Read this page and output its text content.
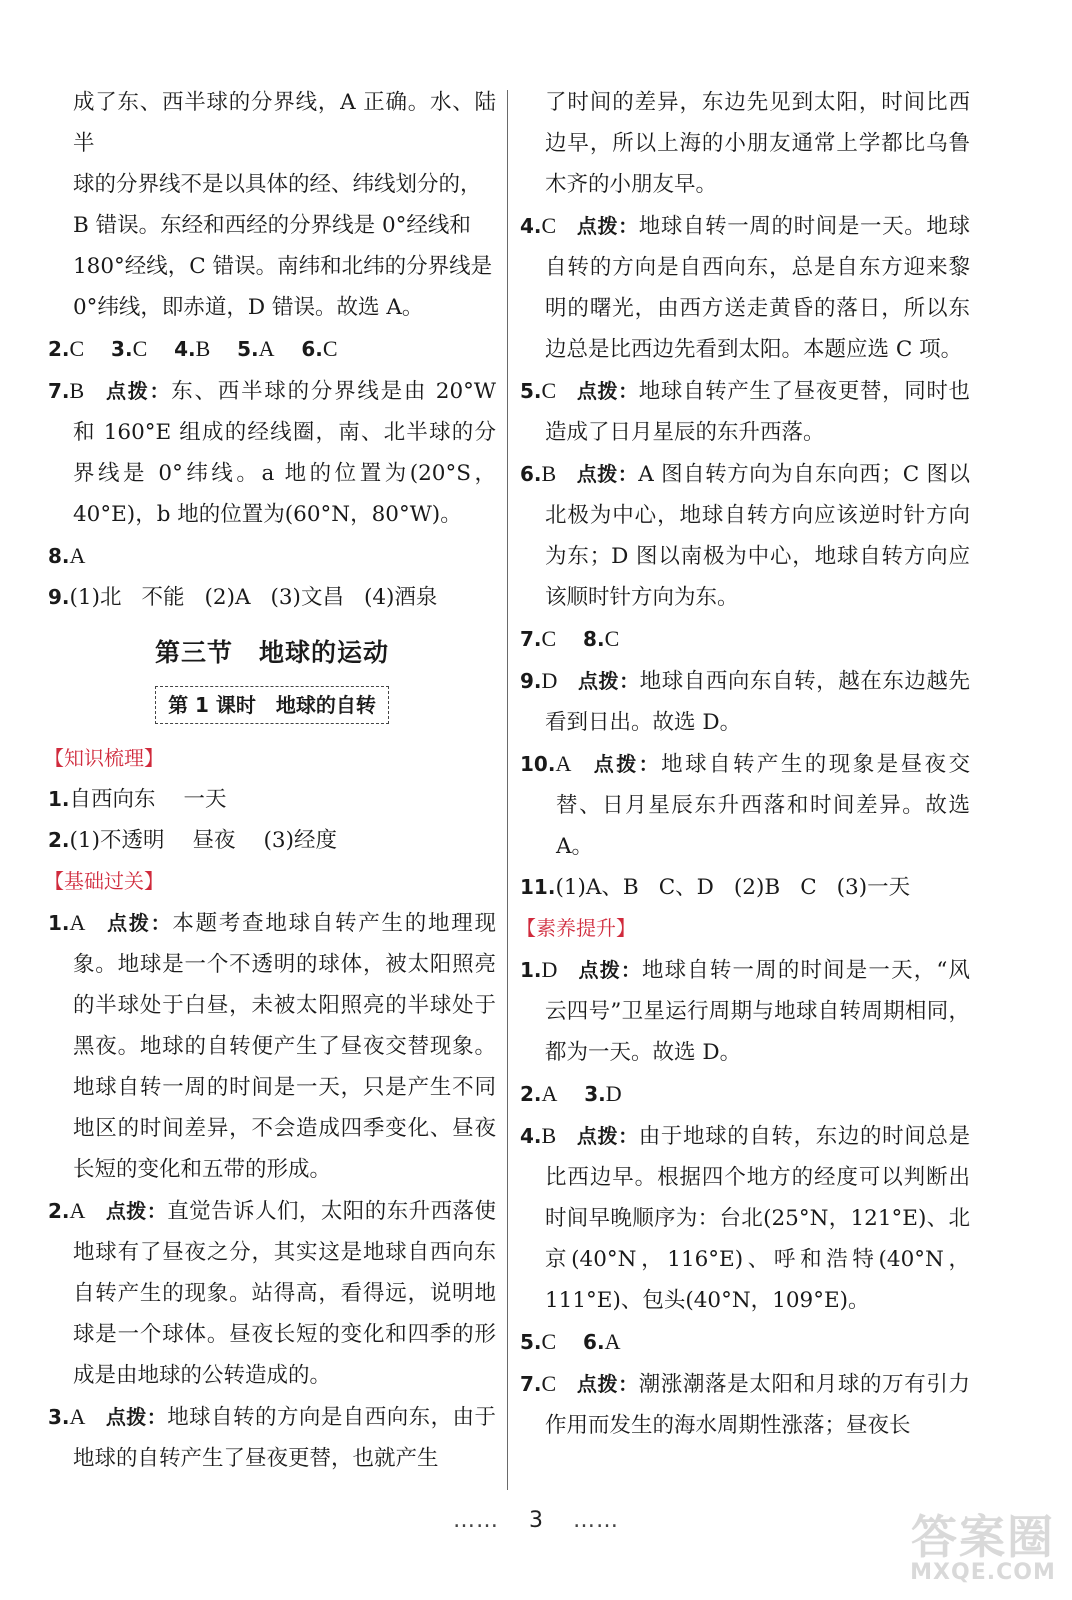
成了东、西半球的分界线，A 正确。水、陆半

球的分界线不是以具体的经、纬线划分的，

B 错误。东经和西经的分界线是 0°经线和

180°经线，C 错误。南纬和北纬的分界线是

0°纬线，即赤道，D 错误。故选 A。

2.C 3.C 4.B 5.A 6.C

7.B 点拨：东、西半球的分界线是由 20°W 和 160°E 组成的经线圈，南、北半球的分界线是 0°纬线。a 地的位置为(20°S，40°E)，b 地的位置为(60°N，80°W)。

8.A

9.(1)北 不能 (2)A (3)文昌 (4)酒泉

第三节　地球的运动
第 1 课时　地球的自转

【知识梳理】

1.自西向东 一天

2.(1)不透明 昼夜 (3)经度

【基础过关】

1.A 点拨：本题考查地球自转产生的地理现象。地球是一个不透明的球体，被太阳照亮的半球处于白昼，未被太阳照亮的半球处于黑夜。地球的自转便产生了昼夜交替现象。地球自转一周的时间是一天，只是产生不同地区的时间差异，不会造成四季变化、昼夜长短的变化和五带的形成。

2.A 点拨：直觉告诉人们，太阳的东升西落使地球有了昼夜之分，其实这是地球自西向东自转产生的现象。站得高，看得远，说明地球是一个球体。昼夜长短的变化和四季的形成是由地球的公转造成的。

3.A 点拨：地球自转的方向是自西向东，由于地球的自转产生了昼夜更替，也就产生

了时间的差异，东边先见到太阳，时间比西边早，所以上海的小朋友通常上学都比乌鲁木齐的小朋友早。

4.C 点拨：地球自转一周的时间是一天。地球自转的方向是自西向东，总是自东方迎来黎明的曙光，由西方送走黄昏的落日，所以东边总是比西边先看到太阳。本题应选 C 项。

5.C 点拨：地球自转产生了昼夜更替，同时也造成了日月星辰的东升西落。

6.B 点拨：A 图自转方向为自东向西；C 图以北极为中心，地球自转方向应该逆时针方向为东；D 图以南极为中心，地球自转方向应该顺时针方向为东。

7.C 8.C

9.D 点拨：地球自西向东自转，越在东边越先看到日出。故选 D。

10.A 点拨：地球自转产生的现象是昼夜交替、日月星辰东升西落和时间差异。故选 A。

11.(1)A、B C、D (2)B C (3)一天

【素养提升】

1.D 点拨：地球自转一周的时间是一天，“风云四号”卫星运行周期与地球自转周期相同，都为一天。故选 D。

2.A 3.D

4.B 点拨：由于地球的自转，东边的时间总是比西边早。根据四个地方的经度可以判断出时间早晚顺序为：台北(25°N，121°E)、北京(40°N，116°E)、呼和浩特(40°N，111°E)、包头(40°N，109°E)。

5.C 6.A

7.C 点拨：潮涨潮落是太阳和月球的万有引力作用而发生的海水周期性涨落；昼夜长

…… 3 ……	答案圈
MXQE.COM
